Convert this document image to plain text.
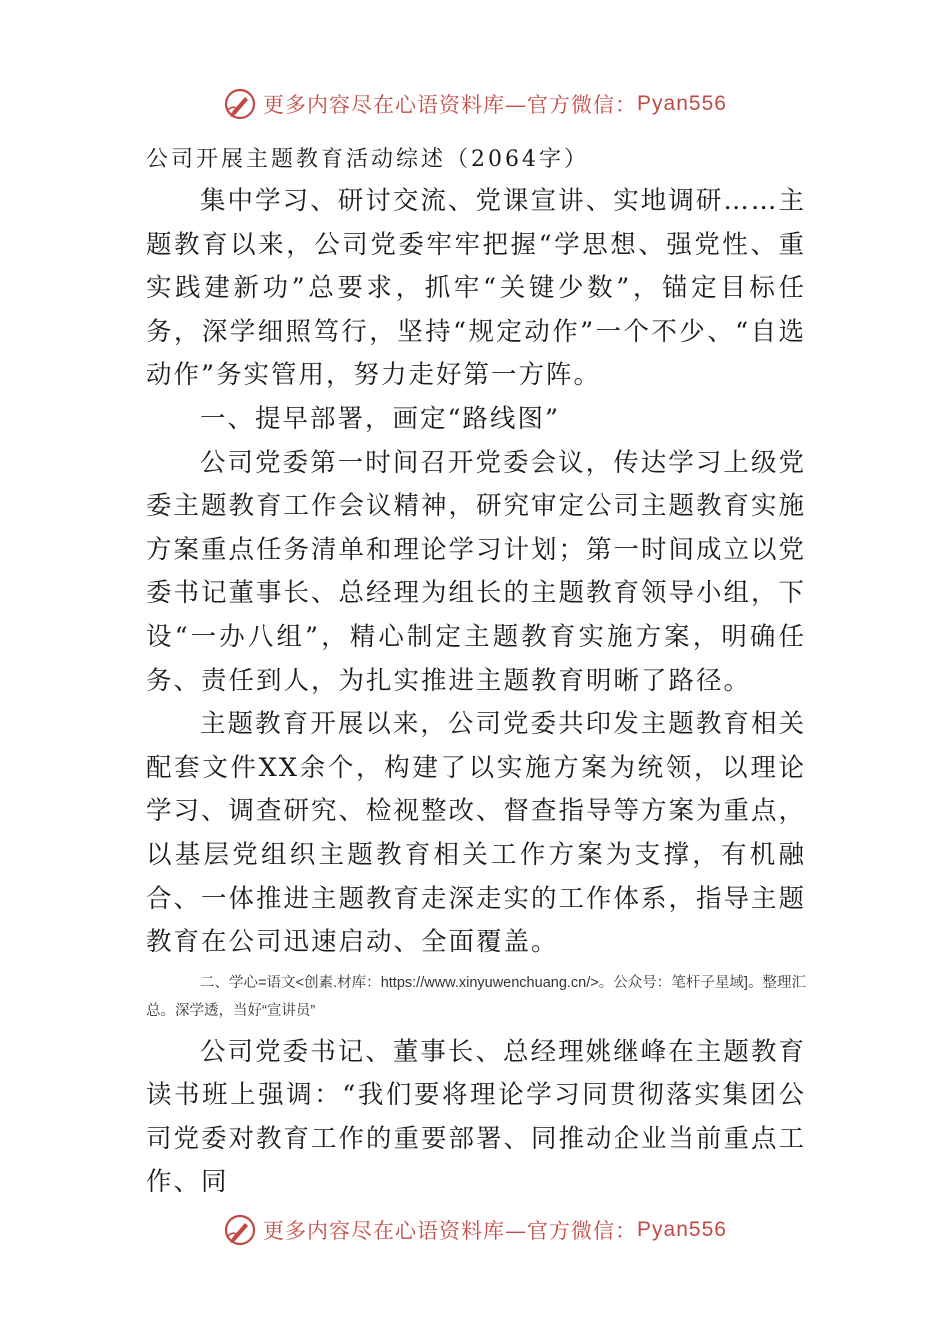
更多内容尽在心语资料库—官方微信： Pyan556

公司开展主题教育活动综述（2064字）

集中学习、研讨交流、党课宣讲、实地调研……主题教育以来，公司党委牢牢把握“学思想、强党性、重实践建新功”总要求，抓牢“关键少数”，锚定目标任务，深学细照笃行，坚持“规定动作”一个不少、“自选动作”务实管用，努力走好第一方阵。

一、提早部署，画定“路线图”

公司党委第一时间召开党委会议，传达学习上级党委主题教育工作会议精神，研究审定公司主题教育实施方案重点任务清单和理论学习计划；第一时间成立以党委书记董事长、总经理为组长的主题教育领导小组，下设“一办八组”，精心制定主题教育实施方案，明确任务、责任到人，为扎实推进主题教育明晰了路径。

主题教育开展以来，公司党委共印发主题教育相关配套文件XX余个，构建了以实施方案为统领，以理论学习、调查研究、检视整改、督查指导等方案为重点，以基层党组织主题教育相关工作方案为支撑，有机融合、一体推进主题教育走深走实的工作体系，指导主题教育在公司迅速启动、全面覆盖。

二、学心=语文<创素.材库：https://www.xinyuwenchuang.cn/>。公众号：笔杆子星域]。整理汇总。深学透，当好“宣讲员”

公司党委书记、董事长、总经理姚继峰在主题教育读书班上强调：“我们要将理论学习同贯彻落实集团公司党委对教育工作的重要部署、同推动企业当前重点工作、同

更多内容尽在心语资料库—官方微信： Pyan556
